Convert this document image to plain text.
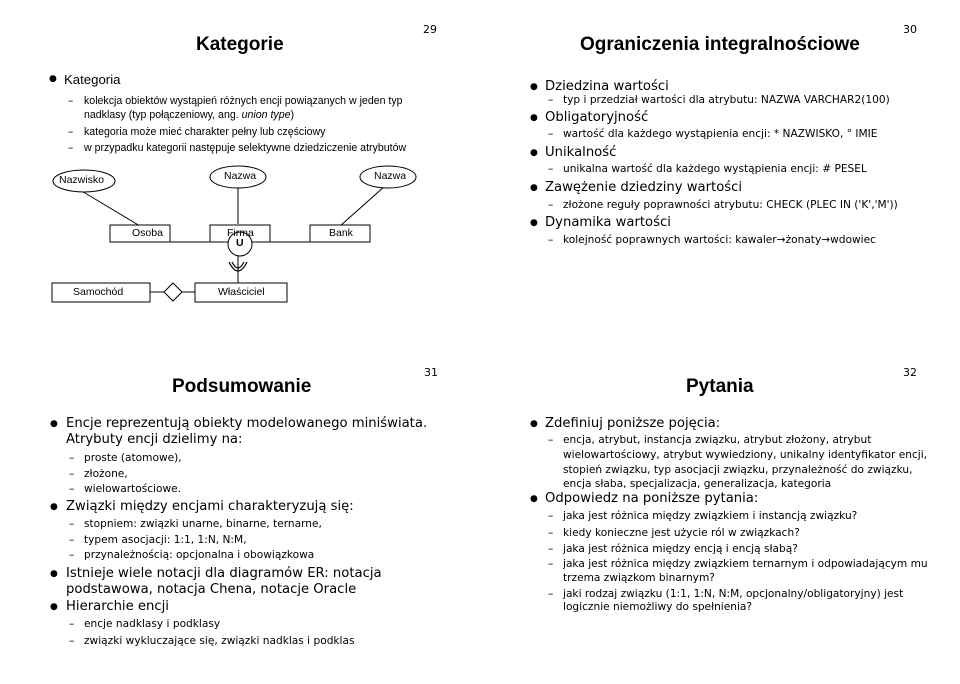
Kategorie
29
● Kategoria
– kolekcja obiektów wystąpień różnych encji powiązanych w jeden typ
nadklasy (typ połączeniowy, ang. union type)
– kategoria może mieć charakter pełny lub częściowy
– w przypadku kategorii następuje selektywne dziedziczenie atrybutów
Nazwisko	Nazwa	Nazwa
Osoba	Firma	Bank
U
Samochód	Właściciel
Ograniczenia integralnościowe
30
● Dziedzina wartości
– typ i przedział wartości dla atrybutu: NAZWA VARCHAR2(100)
● Obligatoryjność
– wartość dla każdego wystąpienia encji: * NAZWISKO, ° IMIE
● Unikalność
– unikalna wartość dla każdego wystąpienia encji: # PESEL
● Zawężenie dziedziny wartości
– złożone reguły poprawności atrybutu: CHECK (PLEC IN ('K','M'))
● Dynamika wartości
– kolejność poprawnych wartości: kawaler→żonaty→wdowiec
Podsumowanie
31
● Encje reprezentują obiekty modelowanego miniświata.
Atrybuty encji dzielimy na:
– proste (atomowe),
– złożone,
– wielowartościowe.
● Związki między encjami charakteryzują się:
– stopniem: związki unarne, binarne, ternarne,
– typem asocjacji: 1:1, 1:N, N:M,
– przynależnością: opcjonalna i obowiązkowa
● Istnieje wiele notacji dla diagramów ER: notacja
podstawowa, notacja Chena, notacje Oracle
● Hierarchie encji
– encje nadklasy i podklasy
– związki wykluczające się, związki nadklas i podklas
Pytania
32
● Zdefiniuj poniższe pojęcia:
– encja, atrybut, instancja związku, atrybut złożony, atrybut
wielowartościowy, atrybut wywiedziony, unikalny identyfikator encji,
stopień związku, typ asocjacji związku, przynależność do związku,
encja słaba, specjalizacja, generalizacja, kategoria
● Odpowiedz na poniższe pytania:
– jaka jest różnica między związkiem i instancją związku?
– kiedy konieczne jest użycie ról w związkach?
– jaka jest różnica między encją i encją słabą?
– jaka jest różnica między związkiem ternarnym i odpowiadającym mu
trzema związkom binarnym?
– jaki rodzaj związku (1:1, 1:N, N:M, opcjonalny/obligatoryjny) jest
logicznie niemożliwy do spełnienia?
